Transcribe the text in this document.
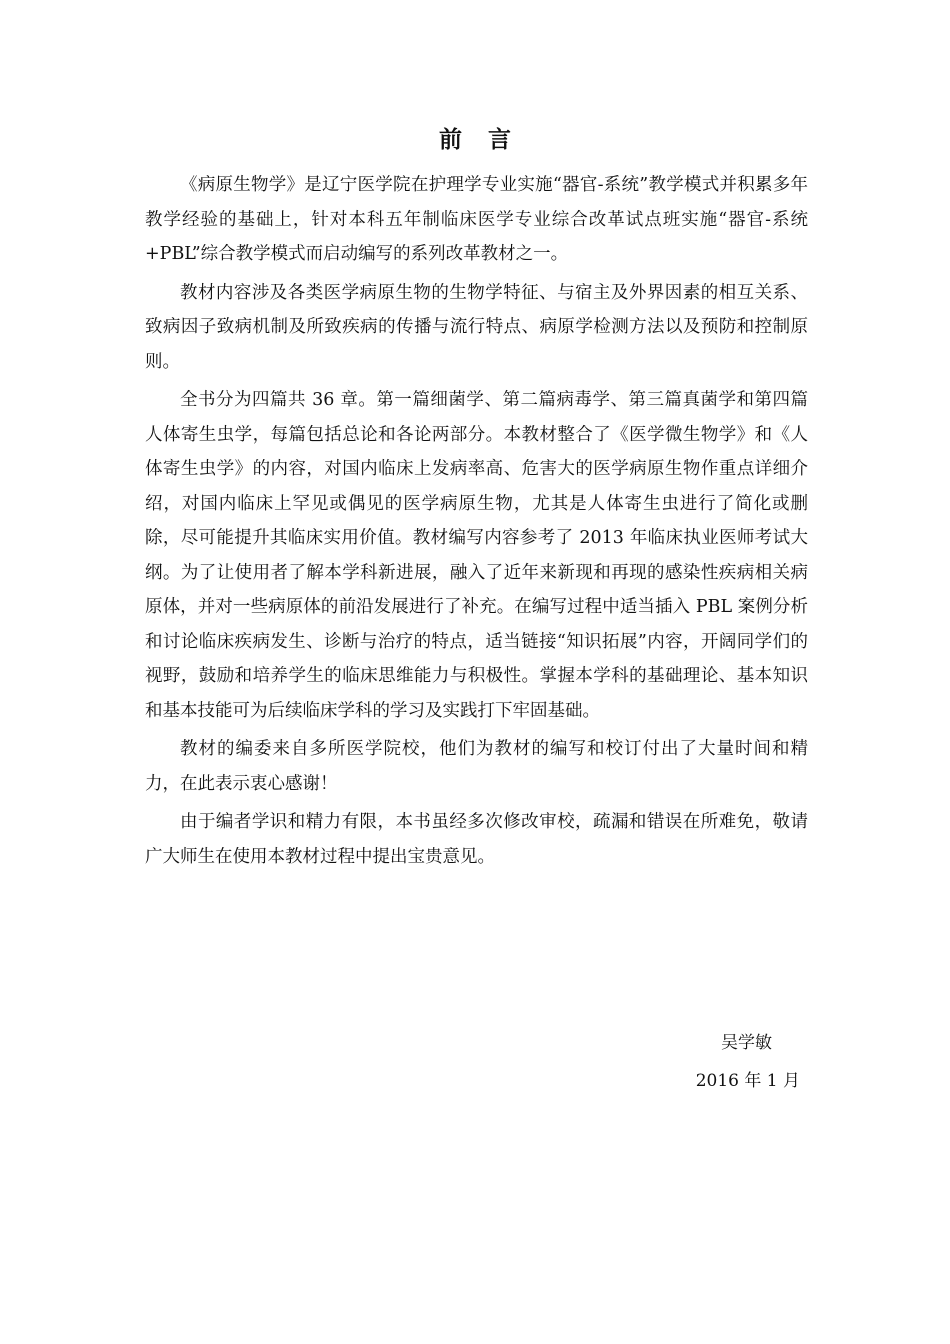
前言

《病原生物学》是辽宁医学院在护理学专业实施“器官-系统”教学模式并积累多年教学经验的基础上，针对本科五年制临床医学专业综合改革试点班实施“器官-系统+PBL”综合教学模式而启动编写的系列改革教材之一。

教材内容涉及各类医学病原生物的生物学特征、与宿主及外界因素的相互关系、致病因子致病机制及所致疾病的传播与流行特点、病原学检测方法以及预防和控制原则。

全书分为四篇共 36 章。第一篇细菌学、第二篇病毒学、第三篇真菌学和第四篇人体寄生虫学，每篇包括总论和各论两部分。本教材整合了《医学微生物学》和《人体寄生虫学》的内容，对国内临床上发病率高、危害大的医学病原生物作重点详细介绍，对国内临床上罕见或偶见的医学病原生物，尤其是人体寄生虫进行了简化或删除，尽可能提升其临床实用价值。教材编写内容参考了 2013 年临床执业医师考试大纲。为了让使用者了解本学科新进展，融入了近年来新现和再现的感染性疾病相关病原体，并对一些病原体的前沿发展进行了补充。在编写过程中适当插入 PBL 案例分析和讨论临床疾病发生、诊断与治疗的特点，适当链接“知识拓展”内容，开阔同学们的视野，鼓励和培养学生的临床思维能力与积极性。掌握本学科的基础理论、基本知识和基本技能可为后续临床学科的学习及实践打下牢固基础。

教材的编委来自多所医学院校，他们为教材的编写和校订付出了大量时间和精力，在此表示衷心感谢！

由于编者学识和精力有限，本书虽经多次修改审校，疏漏和错误在所难免，敬请广大师生在使用本教材过程中提出宝贵意见。

吴学敏
2016 年 1 月
